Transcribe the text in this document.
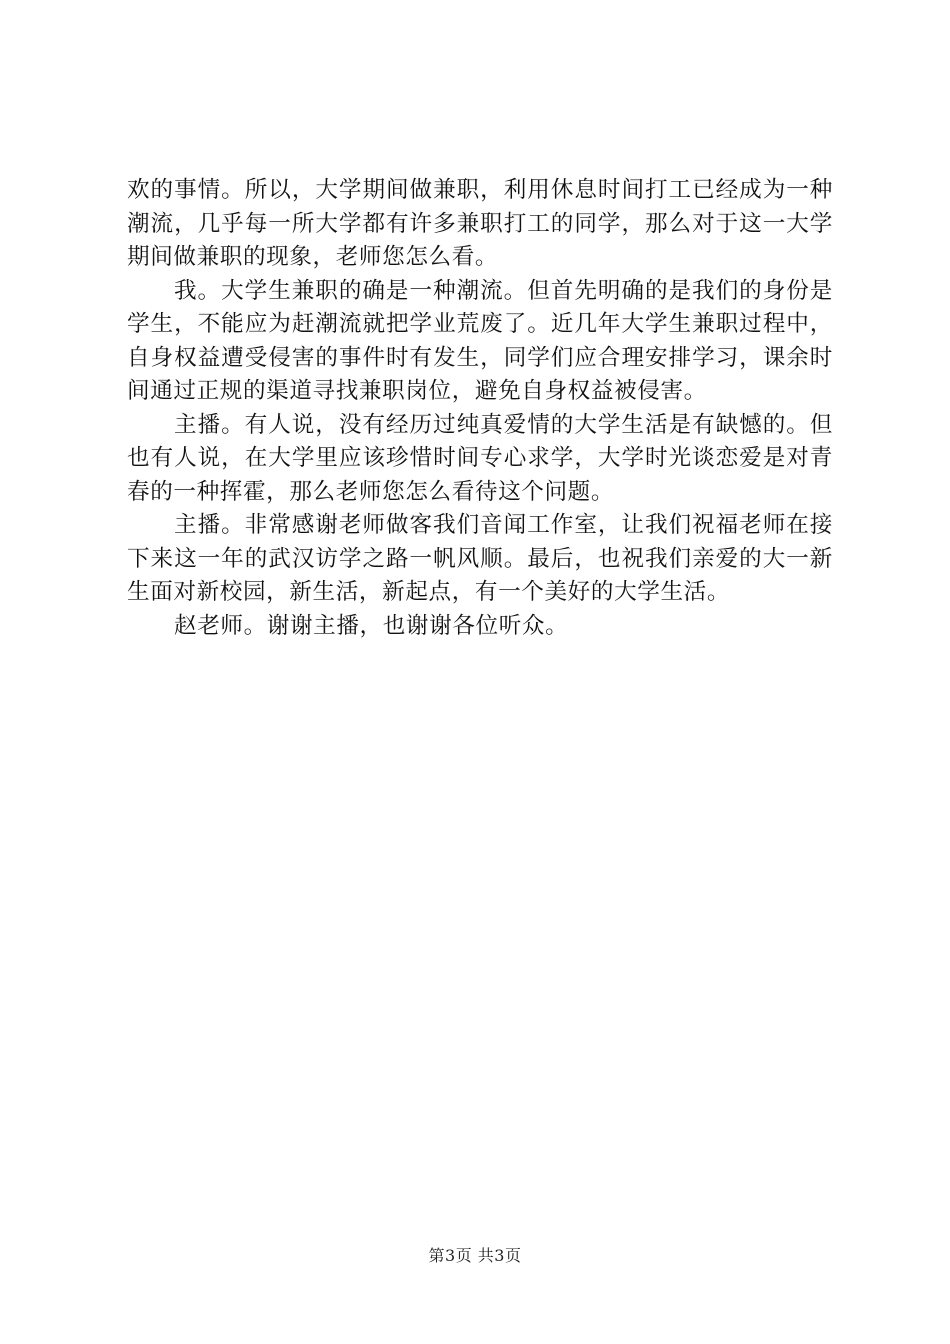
欢的事情。所以，大学期间做兼职，利用休息时间打工已经成为一种潮流，几乎每一所大学都有许多兼职打工的同学，那么对于这一大学期间做兼职的现象，老师您怎么看。

我。大学生兼职的确是一种潮流。但首先明确的是我们的身份是学生，不能应为赶潮流就把学业荒废了。近几年大学生兼职过程中，自身权益遭受侵害的事件时有发生，同学们应合理安排学习，课余时间通过正规的渠道寻找兼职岗位，避免自身权益被侵害。

主播。有人说，没有经历过纯真爱情的大学生活是有缺憾的。但也有人说，在大学里应该珍惜时间专心求学，大学时光谈恋爱是对青春的一种挥霍，那么老师您怎么看待这个问题。

主播。非常感谢老师做客我们音闻工作室，让我们祝福老师在接下来这一年的武汉访学之路一帆风顺。最后，也祝我们亲爱的大一新生面对新校园，新生活，新起点，有一个美好的大学生活。

赵老师。谢谢主播，也谢谢各位听众。

第3页 共3页
